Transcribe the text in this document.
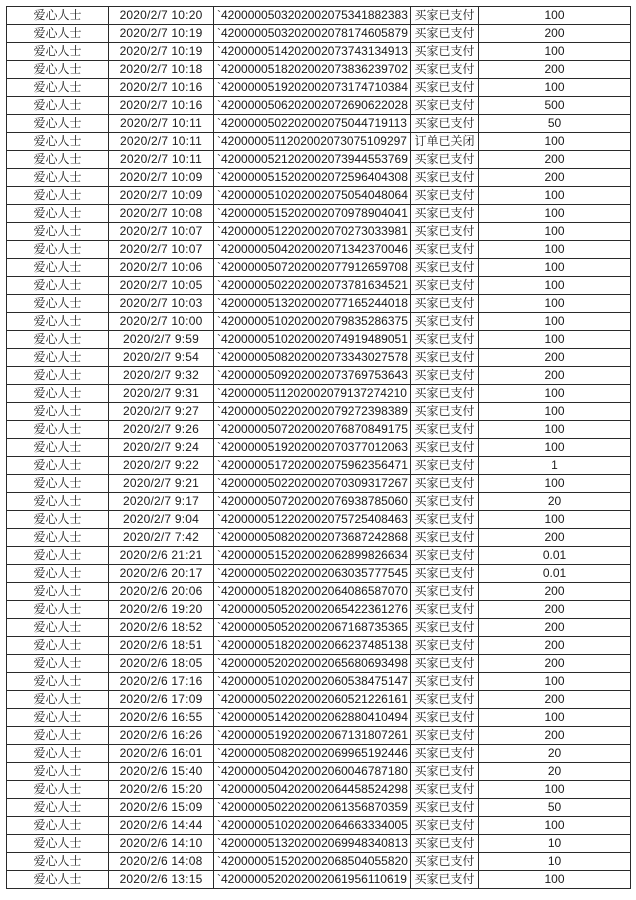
爱心人士	2020/2/7 10:20	`4200000503202002075341882383 买家已支付	100
爱心人士	2020/2/7 10:19	`4200000503202002078174605879 买家已支付	200
爱心人士	2020/2/7 10:19	`4200000514202002073743134913 买家已支付	100
爱心人士	2020/2/7 10:18	`4200000518202002073836239702 买家已支付	200
爱心人士	2020/2/7 10:16	`4200000519202002073174710384 买家已支付	100
爱心人士	2020/2/7 10:16	`4200000506202002072690622028 买家已支付	500
爱心人士	2020/2/7 10:11	`4200000502202002075044719113 买家已支付	50
爱心人士	2020/2/7 10:11	`4200000511202002073075109297 订单已关闭	100
爱心人士	2020/2/7 10:11	`4200000521202002073944553769 买家已支付	200
爱心人士	2020/2/7 10:09	`4200000515202002072596404308 买家已支付	200
爱心人士	2020/2/7 10:09	`4200000510202002075054048064 买家已支付	100
爱心人士	2020/2/7 10:08	`4200000515202002070978904041 买家已支付	100
爱心人士	2020/2/7 10:07	`4200000512202002070273033981 买家已支付	100
爱心人士	2020/2/7 10:07	`4200000504202002071342370046 买家已支付	100
爱心人士	2020/2/7 10:06	`4200000507202002077912659708 买家已支付	100
爱心人士	2020/2/7 10:05	`4200000502202002073781634521 买家已支付	100
爱心人士	2020/2/7 10:03	`4200000513202002077165244018 买家已支付	100
爱心人士	2020/2/7 10:00	`4200000510202002079835286375 买家已支付	100
爱心人士	2020/2/7 9:59	`4200000510202002074919489051 买家已支付	100
爱心人士	2020/2/7 9:54	`4200000508202002073343027578 买家已支付	200
爱心人士	2020/2/7 9:32	`4200000509202002073769753643 买家已支付	200
爱心人士	2020/2/7 9:31	`4200000511202002079137274210 买家已支付	100
爱心人士	2020/2/7 9:27	`4200000502202002079272398389 买家已支付	100
爱心人士	2020/2/7 9:26	`4200000507202002076870849175 买家已支付	100
爱心人士	2020/2/7 9:24	`4200000519202002070377012063 买家已支付	100
爱心人士	2020/2/7 9:22	`4200000517202002075962356471 买家已支付	1
爱心人士	2020/2/7 9:21	`4200000502202002070309317267 买家已支付	100
爱心人士	2020/2/7 9:17	`4200000507202002076938785060 买家已支付	20
爱心人士	2020/2/7 9:04	`4200000512202002075725408463 买家已支付	100
爱心人士	2020/2/7 7:42	`4200000508202002073687242868 买家已支付	200
爱心人士	2020/2/6 21:21	`4200000515202002062899826634 买家已支付	0.01
爱心人士	2020/2/6 20:17	`4200000502202002063035777545 买家已支付	0.01
爱心人士	2020/2/6 20:06	`4200000518202002064086587070 买家已支付	200
爱心人士	2020/2/6 19:20	`4200000505202002065422361276 买家已支付	200
爱心人士	2020/2/6 18:52	`4200000505202002067168735365 买家已支付	200
爱心人士	2020/2/6 18:51	`4200000518202002066237485138 买家已支付	200
爱心人士	2020/2/6 18:05	`4200000520202002065680693498 买家已支付	200
爱心人士	2020/2/6 17:16	`4200000510202002060538475147 买家已支付	100
爱心人士	2020/2/6 17:09	`4200000502202002060521226161 买家已支付	200
爱心人士	2020/2/6 16:55	`4200000514202002062880410494 买家已支付	100
爱心人士	2020/2/6 16:26	`4200000519202002067131807261 买家已支付	200
爱心人士	2020/2/6 16:01	`4200000508202002069965192446 买家已支付	20
爱心人士	2020/2/6 15:40	`4200000504202002060046787180 买家已支付	20
爱心人士	2020/2/6 15:20	`4200000504202002064458524298 买家已支付	100
爱心人士	2020/2/6 15:09	`4200000502202002061356870359 买家已支付	50
爱心人士	2020/2/6 14:44	`4200000510202002064663334005 买家已支付	100
爱心人士	2020/2/6 14:10	`4200000513202002069948340813 买家已支付	10
爱心人士	2020/2/6 14:08	`4200000515202002068504055820 买家已支付	10
爱心人士	2020/2/6 13:15	`4200000520202002061956110619 买家已支付	100
